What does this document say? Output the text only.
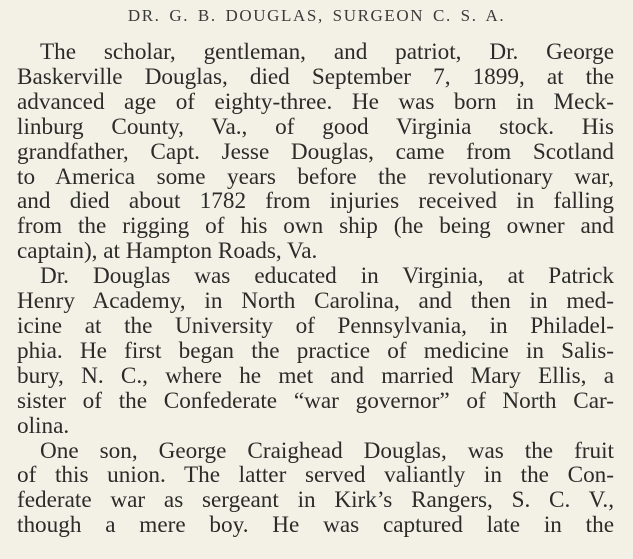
DR. G. B. DOUGLAS, SURGEON C. S. A.

The scholar, gentleman, and patriot, Dr. George
Baskerville Douglas, died September 7, 1899, at the
advanced age of eighty-three. He was born in Meck-
linburg County, Va., of good Virginia stock. His
grandfather, Capt. Jesse Douglas, came from Scotland
to America some years before the revolutionary war,
and died about 1782 from injuries received in falling
from the rigging of his own ship (he being owner and
captain), at Hampton Roads, Va.

Dr. Douglas was educated in Virginia, at Patrick
Henry Academy, in North Carolina, and then in med-
icine at the University of Pennsylvania, in Philadel-
phia. He first began the practice of medicine in Salis-
bury, N. C., where he met and married Mary Ellis, a
sister of the Confederate “war governor” of North Car-
olina.

One son, George Craighead Douglas, was the fruit
of this union. The latter served valiantly in the Con-
federate war as sergeant in Kirk’s Rangers, S. C. V.,
though a mere boy. He was captured late in the
